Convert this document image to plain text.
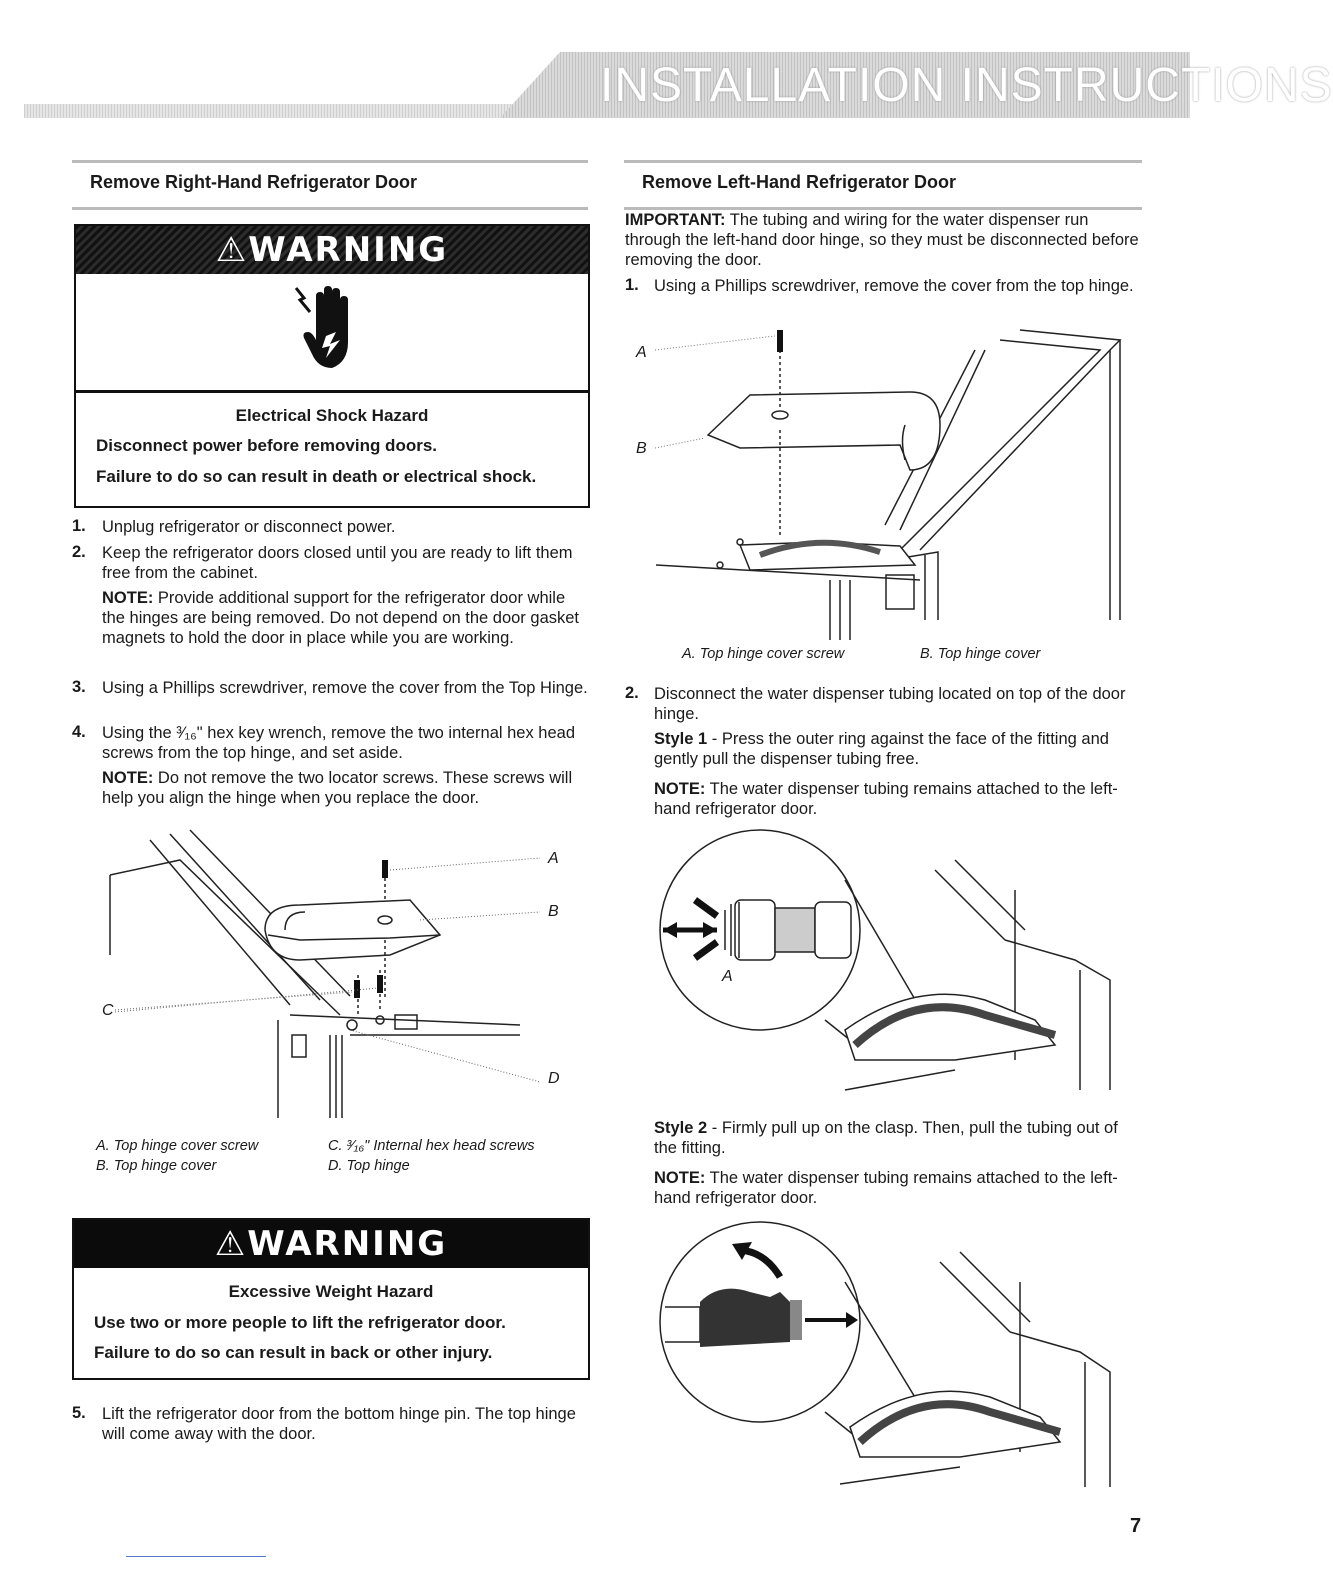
INSTALLATION INSTRUCTIONS
Remove Right-Hand Refrigerator Door
⚠WARNING
Electrical Shock Hazard
Disconnect power before removing doors.
Failure to do so can result in death or electrical shock.
1. Unplug refrigerator or disconnect power.
2. Keep the refrigerator doors closed until you are ready to lift them free from the cabinet.
NOTE: Provide additional support for the refrigerator door while the hinges are being removed. Do not depend on the door gasket magnets to hold the door in place while you are working.
3. Using a Phillips screwdriver, remove the cover from the Top Hinge.
4. Using the ³⁄₁₆" hex key wrench, remove the two internal hex head screws from the top hinge, and set aside.
NOTE: Do not remove the two locator screws. These screws will help you align the hinge when you replace the door.
A
B
C
D
A. Top hinge cover screw
B. Top hinge cover
C. ³⁄₁₆" Internal hex head screws
D. Top hinge
⚠WARNING
Excessive Weight Hazard
Use two or more people to lift the refrigerator door.
Failure to do so can result in back or other injury.
5. Lift the refrigerator door from the bottom hinge pin. The top hinge will come away with the door.
Remove Left-Hand Refrigerator Door
IMPORTANT: The tubing and wiring for the water dispenser run through the left-hand door hinge, so they must be disconnected before removing the door.
1. Using a Phillips screwdriver, remove the cover from the top hinge.
A
B
A. Top hinge cover screw	B. Top hinge cover
2. Disconnect the water dispenser tubing located on top of the door hinge.
Style 1 - Press the outer ring against the face of the fitting and gently pull the dispenser tubing free.
NOTE: The water dispenser tubing remains attached to the left-hand refrigerator door.
A
Style 2 - Firmly pull up on the clasp. Then, pull the tubing out of the fitting.
NOTE: The water dispenser tubing remains attached to the left-hand refrigerator door.
7
